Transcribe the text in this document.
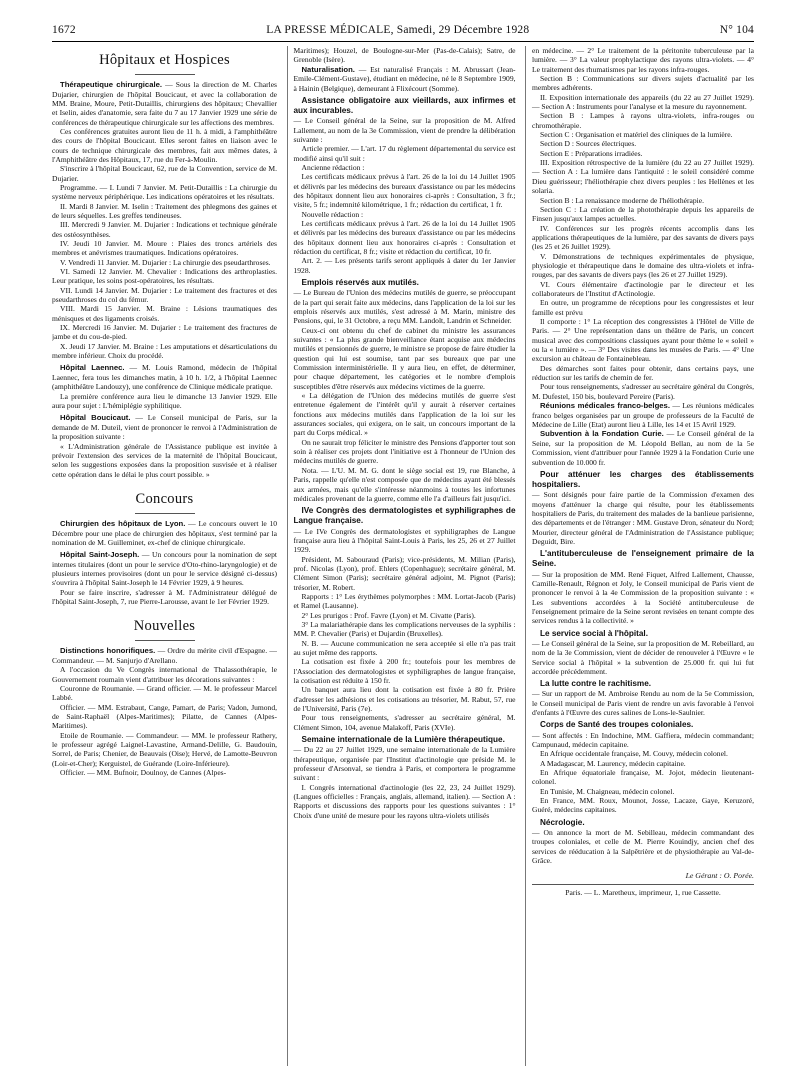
1672	LA PRESSE MÉDICALE, Samedi, 29 Décembre 1928	N° 104
Hôpitaux et Hospices

Thérapeutique chirurgicale. — Sous la direction de M. Charles Dujarier, chirurgien de l'hôpital Boucicaut, et avec la collaboration de MM. Braine, Moure, Petit-Dutaillis, chirurgiens des hôpitaux; Chevallier et Iselin, aides d'anatomie, sera faite du 7 au 17 Janvier 1929 une série de conférences de thérapeutique chirurgicale sur les affections des membres.

Ces conférences gratuites auront lieu de 11 h. à midi, à l'amphithéâtre des cours de l'hôpital Boucicaut. Elles seront faites en liaison avec le cours de technique chirurgicale des membres, fait aux mêmes dates, à l'Amphithéâtre des Hôpitaux, 17, rue du Fer-à-Moulin.

S'inscrire à l'hôpital Boucicaut, 62, rue de la Convention, service de M. Dujarier.

Programme. — I. Lundi 7 Janvier. M. Petit-Dutaillis : La chirurgie du système nerveux périphérique. Les indications opératoires et les résultats.

II. Mardi 8 Janvier. M. Iselin : Traitement des phlegmons des gaines et de leurs séquelles. Les greffes tendineuses.

III. Mercredi 9 Janvier. M. Dujarier : Indications et technique générale des ostéosynthèses.

IV. Jeudi 10 Janvier. M. Moure : Plaies des troncs artériels des membres et anévrismes traumatiques. Indications opératoires.

V. Vendredi 11 Janvier. M. Dujarier : La chirurgie des pseudarthroses.

VI. Samedi 12 Janvier. M. Chevalier : Indications des arthroplasties. Leur pratique, les soins post-opératoires, les résultats.

VII. Lundi 14 Janvier. M. Dujarier : Le traitement des fractures et des pseudarthroses du col du fémur.

VIII. Mardi 15 Janvier. M. Braine : Lésions traumatiques des ménisques et des ligaments croisés.

IX. Mercredi 16 Janvier. M. Dujarier : Le traitement des fractures de jambe et du cou-de-pied.

X. Jeudi 17 Janvier. M. Braine : Les amputations et désarticulations du membre inférieur. Choix du procédé.

Hôpital Laennec. — M. Louis Ramond, médecin de l'hôpital Laennec, fera tous les dimanches matin, à 10 h. 1/2, à l'hôpital Laennec (amphithéâtre Landouzy), une conférence de Clinique médicale pratique.

La première conférence aura lieu le dimanche 13 Janvier 1929. Elle aura pour sujet : L'hémiplégie syphilitique.

Hôpital Boucicaut. — Le Conseil municipal de Paris, sur la demande de M. Duteil, vient de prononcer le renvoi à l'Administration de la proposition suivante :

« L'Administration générale de l'Assistance publique est invitée à prévoir l'extension des services de la maternité de l'hôpital Boucicaut, selon les suggestions exposées dans la proposition susvisée et à réaliser cette opération dans le délai le plus court possible. »

Concours

Chirurgien des hôpitaux de Lyon. — Le concours ouvert le 10 Décembre pour une place de chirurgien des hôpitaux, s'est terminé par la nomination de M. Guilleminet, ex-chef de clinique chirurgicale.

Hôpital Saint-Joseph. — Un concours pour la nomination de sept internes titulaires (dont un pour le service d'Oto-rhino-laryngologie) et de plusieurs internes provisoires (dont un pour le service désigné ci-dessus) s'ouvrira à l'hôpital Saint-Joseph le 14 Février 1929, à 9 heures.

Pour se faire inscrire, s'adresser à M. l'Administrateur délégué de l'hôpital Saint-Joseph, 7, rue Pierre-Larousse, avant le 1er Février 1929.

Nouvelles

Distinctions honorifiques. — Ordre du mérite civil d'Espagne. — Commandeur. — M. Sanjurjo d'Arellano.

A l'occasion du Ve Congrès international de Thalassothérapie, le Gouvernement roumain vient d'attribuer les décorations suivantes :

Couronne de Roumanie. — Grand officier. — M. le professeur Marcel Labbé.

Officier. — MM. Estrabaut, Cange, Pamart, de Paris; Vadon, Jumond, de Saint-Raphaël (Alpes-Maritimes); Pilatte, de Cannes (Alpes-Maritimes).

Etoile de Roumanie. — Commandeur. — MM. le professeur Rathery, le professeur agrégé Laignel-Lavastine, Armand-Delille, G. Baudouin, Sorrel, de Paris; Chenier, de Beauvais (Oise); Hervé, de Lamotte-Beuvron (Loir-et-Cher); Kerguistel, de Guérande (Loire-Inférieure).

Officier. — MM. Bufnoir, Doulnoy, de Cannes (Alpes-

Maritimes); Houzel, de Boulogne-sur-Mer (Pas-de-Calais); Satre, de Grenoble (Isère).

Naturalisation. — Est naturalisé Français : M. Abrussart (Jean-Emile-Clément-Gustave), étudiant en médecine, né le 8 Septembre 1909, à Hainin (Belgique), demeurant à Flixécourt (Somme).

Assistance obligatoire aux vieillards, aux infirmes et aux incurables.
— Le Conseil général de la Seine, sur la proposition de M. Alfred Lallement, au nom de la 3e Commission, vient de prendre la délibération suivante :

Article premier. — L'art. 17 du règlement départemental du service est modifié ainsi qu'il suit :

Ancienne rédaction :

Les certificats médicaux prévus à l'art. 26 de la loi du 14 Juillet 1905 et délivrés par les médecins des bureaux d'assistance ou par les médecins des hôpitaux donnent lieu aux honoraires ci-après : Consultation, 3 fr.; visite, 5 fr.; indemnité kilométrique, 1 fr.; rédaction du certificat, 1 fr.

Nouvelle rédaction :

Les certificats médicaux prévus à l'art. 26 de la loi du 14 Juillet 1905 et délivrés par les médecins des bureaux d'assistance ou par les médecins des hôpitaux donnent lieu aux honoraires ci-après : Consultation et rédaction du certificat, 8 fr.; visite et rédaction du certificat, 10 fr.

Art. 2. — Les présents tarifs seront appliqués à dater du 1er Janvier 1928.

Emplois réservés aux mutilés.
— Le Bureau de l'Union des médecins mutilés de guerre, se préoccupant de la part qui serait faite aux médecins, dans l'application de la loi sur les emplois réservés aux mutilés, s'est adressé à M. Marin, ministre des Pensions, qui, le 31 Octobre, a reçu MM. Landolt, Landrin et Schneider.

Ceux-ci ont obtenu du chef de cabinet du ministre les assurances suivantes : « La plus grande bienveillance étant acquise aux médecins mutilés et pensionnés de guerre, le ministre se propose de faire étudier la question qui lui est soumise, tant par ses bureaux que par une Commission interministérielle. Il y aura lieu, en effet, de déterminer, pour chaque département, les catégories et le nombre d'emplois susceptibles d'être réservés aux médecins victimes de la guerre.

« La délégation de l'Union des médecins mutilés de guerre s'est entretenue également de l'intérêt qu'il y aurait à réserver certaines fonctions aux médecins mutilés dans l'application de la loi sur les assurances sociales, qui exigera, on le sait, un concours important de la part du Corps médical. »

On ne saurait trop féliciter le ministre des Pensions d'apporter tout son soin à réaliser ces projets dont l'initiative est à l'honneur de l'Union des médecins mutilés de guerre.

Nota. — L'U. M. M. G. dont le siège social est 19, rue Blanche, à Paris, rappelle qu'elle n'est composée que de médecins ayant été blessés aux armées, mais qu'elle s'intéresse néanmoins à toutes les infortunes médicales provenant de la guerre, comme elle l'a d'ailleurs fait jusqu'ici.

IVe Congrès des dermatologistes et syphiligraphes de Langue française.
— Le IVe Congrès des dermatologistes et syphiligraphes de Langue française aura lieu à l'hôpital Saint-Louis à Paris, les 25, 26 et 27 Juillet 1929.

Président, M. Sabouraud (Paris); vice-présidents, M. Milian (Paris), prof. Nicolas (Lyon), prof. Ehlers (Copenhague); secrétaire général, M. Clément Simon (Paris); secrétaire général adjoint, M. Pignot (Paris); trésorier, M. Robert.

Rapports : 1° Les érythèmes polymorphes : MM. Lortat-Jacob (Paris) et Ramel (Lausanne).

2° Les prurigos : Prof. Favre (Lyon) et M. Civatte (Paris).

3° La malariathérapie dans les complications nerveuses de la syphilis : MM. P. Chevalier (Paris) et Dujardin (Bruxelles).

N. B. — Aucune communication ne sera acceptée si elle n'a pas trait au sujet même des rapports.

La cotisation est fixée à 200 fr.; toutefois pour les membres de l'Association des dermatologistes et syphiligraphes de langue française, la cotisation est réduite à 150 fr.

Un banquet aura lieu dont la cotisation est fixée à 80 fr. Prière d'adresser les adhésions et les cotisations au trésorier, M. Rabut, 57, rue de l'Université, Paris (7e).

Pour tous renseignements, s'adresser au secrétaire général, M. Clément Simon, 104, avenue Malakoff, Paris (XVIe).

Semaine internationale de la Lumière thérapeutique.
— Du 22 au 27 Juillet 1929, une semaine internationale de la Lumière thérapeutique, organisée par l'Institut d'actinologie que préside M. le professeur d'Arsonval, se tiendra à Paris, et comportera le programme suivant :

I. Congrès international d'actinologie (les 22, 23, 24 Juillet 1929). (Langues officielles : Français, anglais, allemand, italien). — Section A : Rapports et discussions des rapports pour les questions suivantes : 1° Choix d'une unité de mesure pour les rayons ultra-violets utilisés

en médecine. — 2° Le traitement de la péritonite tuberculeuse par la lumière. — 3° La valeur prophylactique des rayons ultra-violets. — 4° Le traitement des rhumatismes par les rayons infra-rouges.

Section B : Communications sur divers sujets d'actualité par les membres adhérents.

II. Exposition internationale des appareils (du 22 au 27 Juillet 1929). — Section A : Instruments pour l'analyse et la mesure du rayonnement.

Section B : Lampes à rayons ultra-violets, infra-rouges ou chromothérapie.

Section C : Organisation et matériel des cliniques de la lumière.

Section D : Sources électriques.

Section E : Préparations irradiées.

III. Exposition rétrospective de la lumière (du 22 au 27 Juillet 1929). — Section A : La lumière dans l'antiquité : le soleil considéré comme Dieu guérisseur; l'héliothérapie chez divers peuples : les Hellènes et les solaria.

Section B : La renaissance moderne de l'héliothérapie.

Section C : La création de la photothérapie depuis les appareils de Finsen jusqu'aux lampes actuelles.

IV. Conférences sur les progrès récents accomplis dans les applications thérapeutiques de la lumière, par des savants de divers pays (les 25 et 26 Juillet 1929).

V. Démonstrations de techniques expérimentales de physique, physiologie et thérapeutique dans le domaine des ultra-violets et infra-rouges, par des savants de divers pays (les 26 et 27 Juillet 1929).

VI. Cours élémentaire d'actinologie par le directeur et les collaborateurs de l'Institut d'Actinologie.

En outre, un programme de réceptions pour les congressistes et leur famille est prévu

Il comporte : 1° La réception des congressistes à l'Hôtel de Ville de Paris. — 2° Une représentation dans un théâtre de Paris, un concert musical avec des compositions classiques ayant pour thème le « soleil » ou la « lumière ». — 3° Des visites dans les musées de Paris. — 4° Une excursion au château de Fontainebleau.

Des démarches sont faites pour obtenir, dans certains pays, une réduction sur les tarifs de chemin de fer.

Pour tous renseignements, s'adresser au secrétaire général du Congrès, M. Dufestel, 150 bis, boulevard Pereire (Paris).

Réunions médicales franco-belges. — Les réunions médicales franco belges organisées par un groupe de professeurs de la Faculté de Médecine de Lille (Etat) auront lieu à Lille, les 14 et 15 Avril 1929.

Subvention à la Fondation Curie. — Le Conseil général de la Seine, sur la proposition de M. Léopold Bellan, au nom de la 5e Commission, vient d'attribuer pour l'année 1929 à la Fondation Curie une subvention de 10.000 fr.

Pour atténuer les charges des établissements hospitaliers.
— Sont désignés pour faire partie de la Commission d'examen des moyens d'atténuer la charge qui résulte, pour les établissements hospitaliers de Paris, du traitement des malades de la banlieue parisienne, des départements et de l'étranger : MM. Gustave Dron, sénateur du Nord; Mourier, directeur général de l'Administration de l'Assistance publique; Deguidt, Bire.

L'antituberculeuse de l'enseignement primaire de la Seine.
— Sur la proposition de MM. René Fiquet, Alfred Lallement, Chausse, Camille-Renault, Régnon et Joly, le Conseil municipal de Paris vient de prononcer le renvoi à la 4e Commission de la proposition suivante : « Les subventions accordées à la Société antituberculeuse de l'enseignement primaire de la Seine seront revisées en tenant compte des services rendus à la collectivité. »

Le service social à l'hôpital.
— Le Conseil général de la Seine, sur la proposition de M. Rebeillard, au nom de la 3e Commission, vient de décider de renouveler à l'Œuvre « le Service social à l'hôpital » la subvention de 25.000 fr. qui lui fut accordée précédemment.

La lutte contre le rachitisme.
— Sur un rapport de M. Ambroise Rendu au nom de la 5e Commission, le Conseil municipal de Paris vient de rendre un avis favorable à l'envoi d'enfants à l'Œuvre des cures salines de Lons-le-Saulnier.

Corps de Santé des troupes coloniales.
— Sont affectés : En Indochine, MM. Gaffiera, médecin commandant; Campunaud, médecin capitaine.

En Afrique occidentale française, M. Couvy, médecin colonel.

A Madagascar, M. Laurency, médecin capitaine.

En Afrique équatoriale française, M. Jojot, médecin lieutenant-colonel.

En Tunisie, M. Chaigneau, médecin colonel.

En France, MM. Roux, Mounot, Josse, Lacaze, Gaye, Keruzoré, Guéré, médecins capitaines.

Nécrologie.
— On annonce la mort de M. Sebilleau, médecin commandant des troupes coloniales, et celle de M. Pierre Kouindjy, ancien chef des services de rééducation à la Salpêtrière et de physiothérapie au Val-de-Grâce.

Le Gérant : O. Porée.
Paris. — L. Maretheux, imprimeur, 1, rue Cassette.
